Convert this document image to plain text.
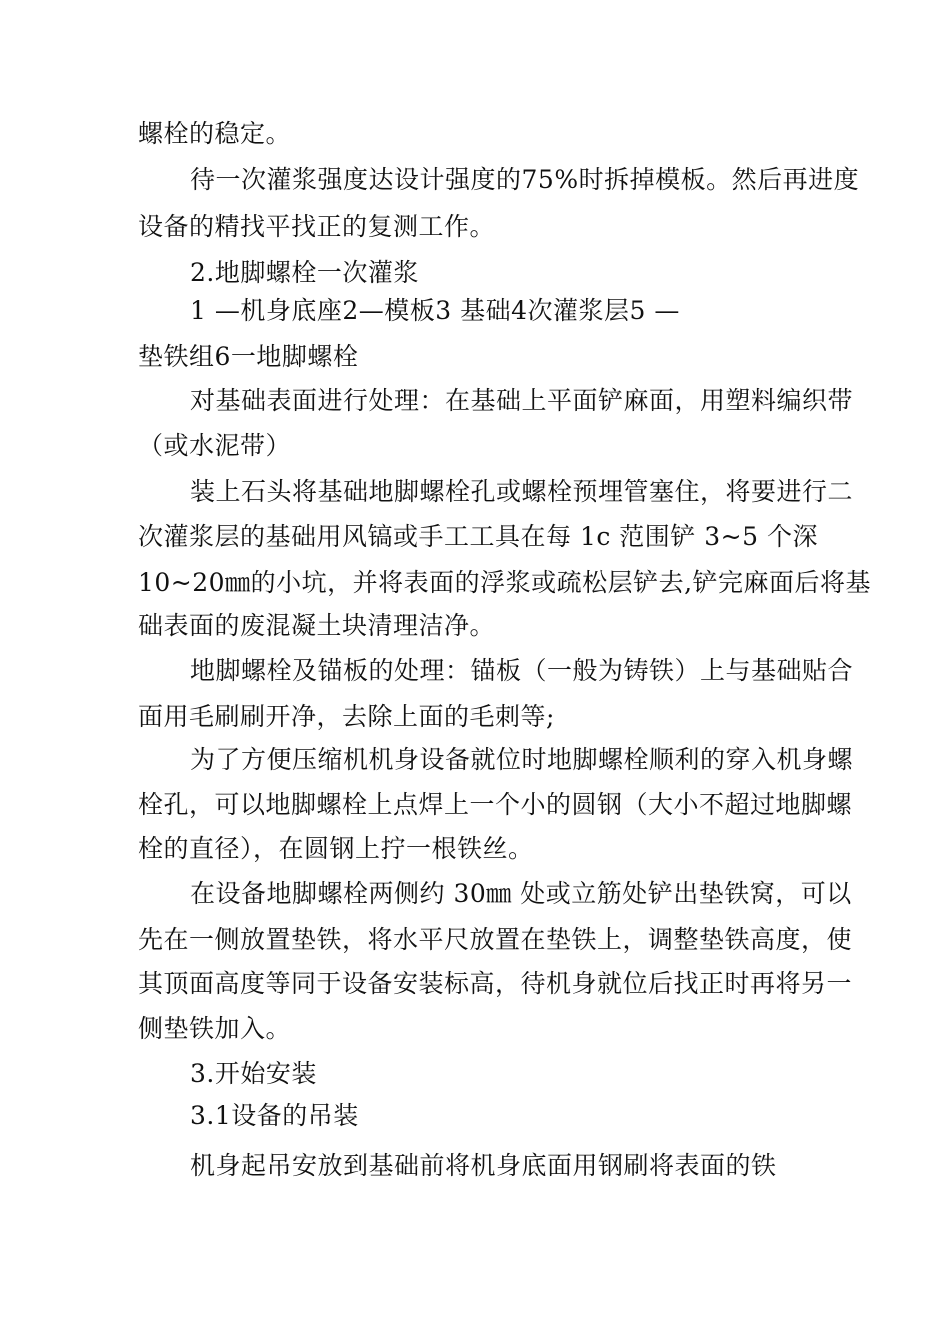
螺栓的稳定。
待一次灌浆强度达设计强度的75%时拆掉模板。然后再进度
设备的精找平找正的复测工作。
2.地脚螺栓一次灌浆
1 —机身底座2—模板3 基础4次灌浆层5 —
垫铁组6一地脚螺栓
对基础表面进行处理：在基础上平面铲麻面，用塑料编织带
（或水泥带）
装上石头将基础地脚螺栓孔或螺栓预埋管塞住，将要进行二
次灌浆层的基础用风镐或手工工具在每 1c 范围铲 3~5 个深
10~20㎜的小坑，并将表面的浮浆或疏松层铲去,铲完麻面后将基
础表面的废混凝土块清理洁净。
地脚螺栓及锚板的处理：锚板（一般为铸铁）上与基础贴合
面用毛刷刷开净，去除上面的毛刺等;
为了方便压缩机机身设备就位时地脚螺栓顺利的穿入机身螺
栓孔，可以地脚螺栓上点焊上一个小的圆钢（大小不超过地脚螺
栓的直径），在圆钢上拧一根铁丝。
在设备地脚螺栓两侧约 30㎜ 处或立筋处铲出垫铁窝，可以
先在一侧放置垫铁，将水平尺放置在垫铁上，调整垫铁高度，使
其顶面高度等同于设备安装标高，待机身就位后找正时再将另一
侧垫铁加入。
3.开始安装
3.1设备的吊装
机身起吊安放到基础前将机身底面用钢刷将表面的铁
